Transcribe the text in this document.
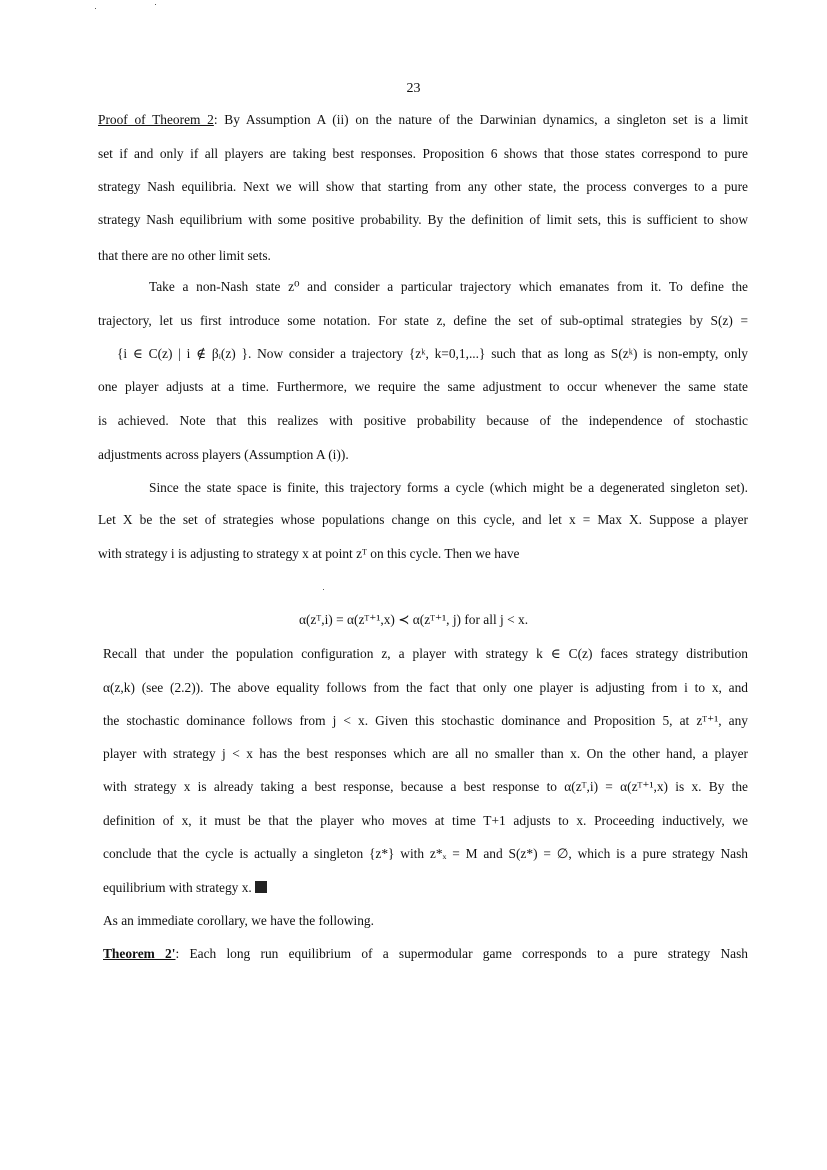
23
Proof of Theorem 2: By Assumption A (ii) on the nature of the Darwinian dynamics, a singleton set is a limit
set if and only if all players are taking best responses. Proposition 6 shows that those states correspond to pure
strategy Nash equilibria. Next we will show that starting from any other state, the process converges to a pure
strategy Nash equilibrium with some positive probability. By the definition of limit sets, this is sufficient to show
that there are no other limit sets.
Take a non-Nash state z⁰ and consider a particular trajectory which emanates from it. To define the
trajectory, let us first introduce some notation. For state z, define the set of sub-optimal strategies by S(z) =
{i ∈ C(z) | i ∉ βᵢ(z) }. Now consider a trajectory {zᵏ, k=0,1,...} such that as long as S(zᵏ) is non-empty, only
one player adjusts at a time. Furthermore, we require the same adjustment to occur whenever the same state
is achieved. Note that this realizes with positive probability because of the independence of stochastic
adjustments across players (Assumption A (i)).
Since the state space is finite, this trajectory forms a cycle (which might be a degenerated singleton set).
Let X be the set of strategies whose populations change on this cycle, and let x = Max X. Suppose a player
with strategy i is adjusting to strategy x at point zᵀ on this cycle. Then we have
α(zᵀ,i) = α(zᵀ⁺¹,x) ≺ α(zᵀ⁺¹, j) for all j < x.
Recall that under the population configuration z, a player with strategy k ∈ C(z) faces strategy distribution
α(z,k) (see (2.2)). The above equality follows from the fact that only one player is adjusting from i to x, and
the stochastic dominance follows from j < x. Given this stochastic dominance and Proposition 5, at zᵀ⁺¹, any
player with strategy j < x has the best responses which are all no smaller than x. On the other hand, a player
with strategy x is already taking a best response, because a best response to α(zᵀ,i) = α(zᵀ⁺¹,x) is x. By the
definition of x, it must be that the player who moves at time T+1 adjusts to x. Proceeding inductively, we
conclude that the cycle is actually a singleton {z*} with z*ₓ = M and S(z*) = ∅, which is a pure strategy Nash
equilibrium with strategy x.
As an immediate corollary, we have the following.
Theorem 2': Each long run equilibrium of a supermodular game corresponds to a pure strategy Nash
